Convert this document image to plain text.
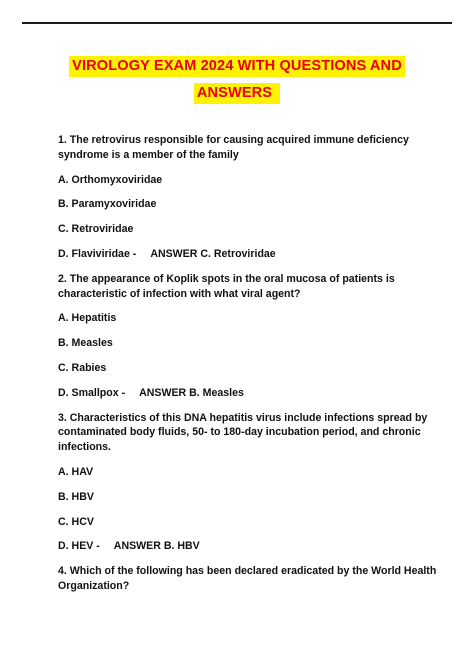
VIROLOGY EXAM 2024 WITH QUESTIONS AND
ANSWERS

1. The retrovirus responsible for causing acquired immune deficiency syndrome is a member of the family

A. Orthomyxoviridae

B. Paramyxoviridae

C. Retroviridae

D. Flaviviridae - ANSWER C. Retroviridae

2. The appearance of Koplik spots in the oral mucosa of patients is characteristic of infection with what viral agent?

A. Hepatitis

B. Measles

C. Rabies

D. Smallpox - ANSWER B. Measles

3. Characteristics of this DNA hepatitis virus include infections spread by contaminated body fluids, 50- to 180-day incubation period, and chronic infections.

A. HAV

B. HBV

C. HCV

D. HEV - ANSWER B. HBV

4. Which of the following has been declared eradicated by the World Health Organization?
